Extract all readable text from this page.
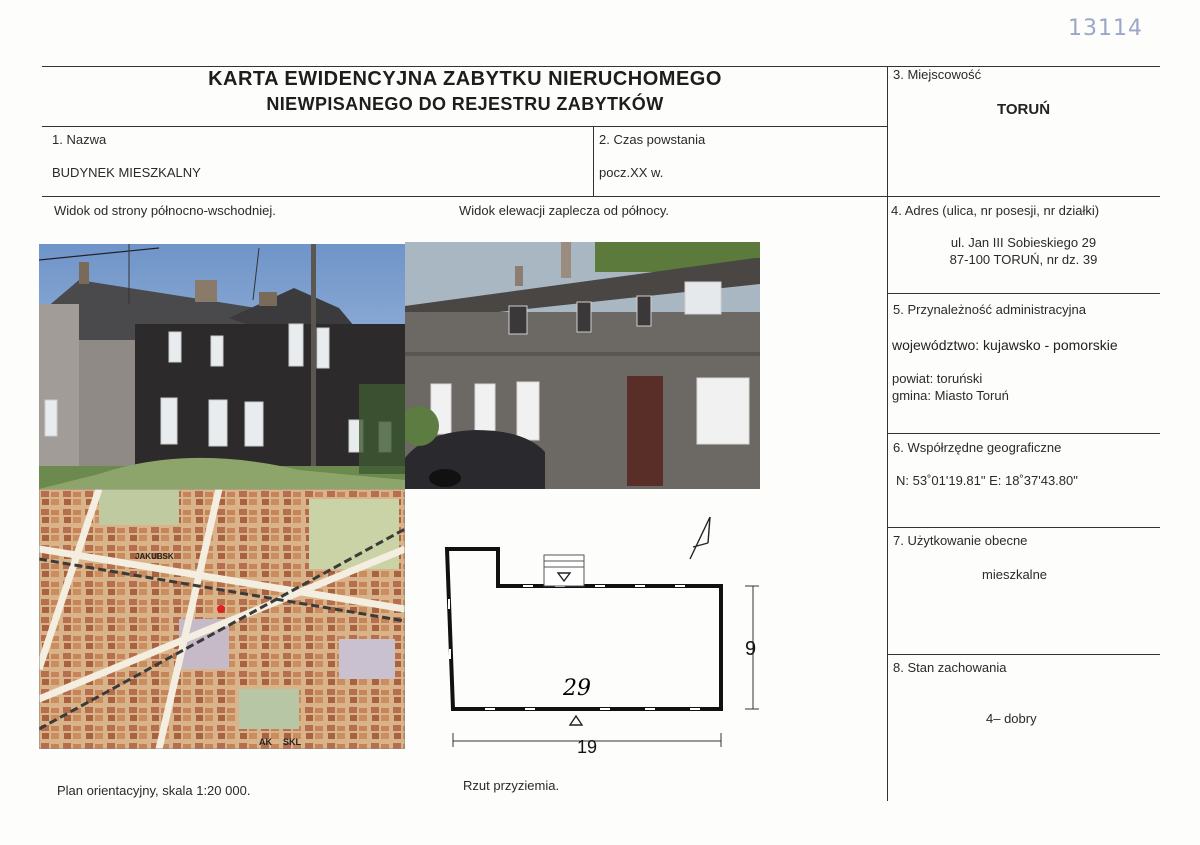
13114
KARTA EWIDENCYJNA ZABYTKU NIERUCHOMEGO
NIEWPISANEGO DO REJESTRU ZABYTKÓW
1. Nazwa
BUDYNEK MIESZKALNY
2. Czas powstania
pocz.XX w.
3. Miejscowość
TORUŃ
4. Adres (ulica, nr posesji, nr działki)
ul. Jan III Sobieskiego 29
87-100 TORUŃ, nr dz. 39
5. Przynależność administracyjna
województwo: kujawsko - pomorskie
powiat: toruński
gmina: Miasto Toruń
6. Współrzędne geograficzne
N: 53˚01'19.81" E: 18˚37'43.80"
7. Użytkowanie obecne
mieszkalne
8. Stan zachowania
4– dobry
Widok od strony północno-wschodniej.	Widok elewacji zaplecza od północy.
Plan orientacyjny, skala 1:20 000.	Rzut przyziemia.
JAKUBSK
AK SKL
29
19
9
